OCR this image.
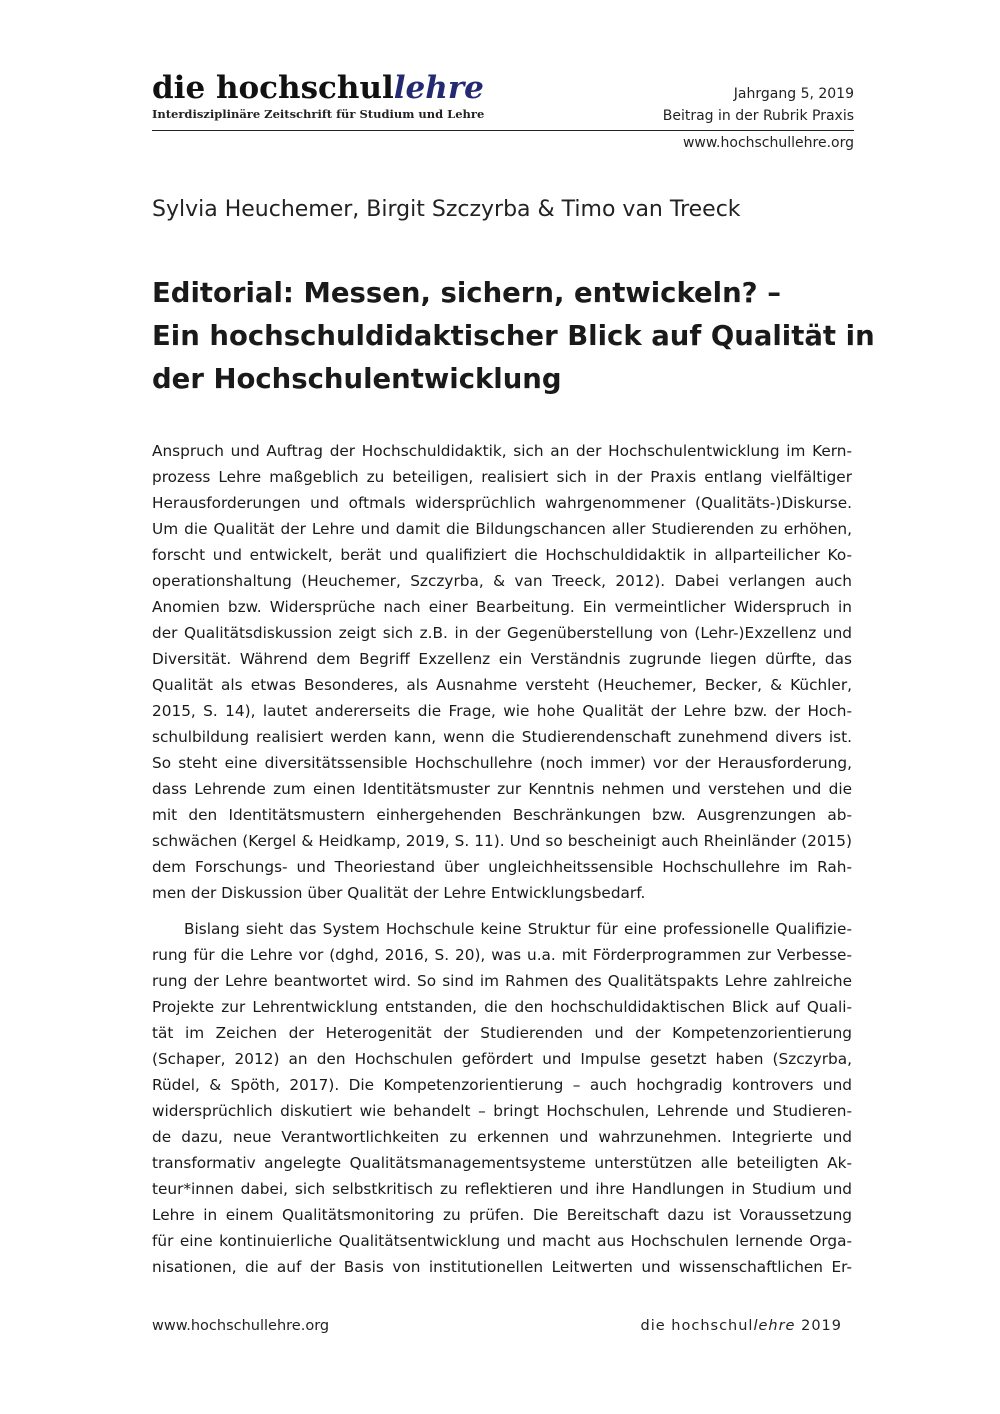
die hochschullehre
Interdisziplinäre Zeitschrift für Studium und Lehre
Jahrgang 5, 2019
Beitrag in der Rubrik Praxis
www.hochschullehre.org
Sylvia Heuchemer, Birgit Szczyrba & Timo van Treeck
Editorial: Messen, sichern, entwickeln? –
Ein hochschuldidaktischer Blick auf Qualität in
der Hochschulentwicklung
Anspruch und Auftrag der Hochschuldidaktik, sich an der Hochschulentwicklung im Kern-
prozess Lehre maßgeblich zu beteiligen, realisiert sich in der Praxis entlang vielfältiger
Herausforderungen und oftmals widersprüchlich wahrgenommener (Qualitäts-)Diskurse.
Um die Qualität der Lehre und damit die Bildungschancen aller Studierenden zu erhöhen,
forscht und entwickelt, berät und qualifiziert die Hochschuldidaktik in allparteilicher Ko-
operationshaltung (Heuchemer, Szczyrba, & van Treeck, 2012). Dabei verlangen auch
Anomien bzw. Widersprüche nach einer Bearbeitung. Ein vermeintlicher Widerspruch in
der Qualitätsdiskussion zeigt sich z.B. in der Gegenüberstellung von (Lehr-)Exzellenz und
Diversität. Während dem Begriff Exzellenz ein Verständnis zugrunde liegen dürfte, das
Qualität als etwas Besonderes, als Ausnahme versteht (Heuchemer, Becker, & Küchler,
2015, S. 14), lautet andererseits die Frage, wie hohe Qualität der Lehre bzw. der Hoch-
schulbildung realisiert werden kann, wenn die Studierendenschaft zunehmend divers ist.
So steht eine diversitätssensible Hochschullehre (noch immer) vor der Herausforderung,
dass Lehrende zum einen Identitätsmuster zur Kenntnis nehmen und verstehen und die
mit den Identitätsmustern einhergehenden Beschränkungen bzw. Ausgrenzungen ab-
schwächen (Kergel & Heidkamp, 2019, S. 11). Und so bescheinigt auch Rheinländer (2015)
dem Forschungs- und Theoriestand über ungleichheitssensible Hochschullehre im Rah-
men der Diskussion über Qualität der Lehre Entwicklungsbedarf.
Bislang sieht das System Hochschule keine Struktur für eine professionelle Qualifizie-
rung für die Lehre vor (dghd, 2016, S. 20), was u.a. mit Förderprogrammen zur Verbesse-
rung der Lehre beantwortet wird. So sind im Rahmen des Qualitätspakts Lehre zahlreiche
Projekte zur Lehrentwicklung entstanden, die den hochschuldidaktischen Blick auf Quali-
tät im Zeichen der Heterogenität der Studierenden und der Kompetenzorientierung
(Schaper, 2012) an den Hochschulen gefördert und Impulse gesetzt haben (Szczyrba,
Rüdel, & Spöth, 2017). Die Kompetenzorientierung – auch hochgradig kontrovers und
widersprüchlich diskutiert wie behandelt – bringt Hochschulen, Lehrende und Studieren-
de dazu, neue Verantwortlichkeiten zu erkennen und wahrzunehmen. Integrierte und
transformativ angelegte Qualitätsmanagementsysteme unterstützen alle beteiligten Ak-
teur*innen dabei, sich selbstkritisch zu reflektieren und ihre Handlungen in Studium und
Lehre in einem Qualitätsmonitoring zu prüfen. Die Bereitschaft dazu ist Voraussetzung
für eine kontinuierliche Qualitätsentwicklung und macht aus Hochschulen lernende Orga-
nisationen, die auf der Basis von institutionellen Leitwerten und wissenschaftlichen Er-
www.hochschullehre.org	die hochschullehre 2019
